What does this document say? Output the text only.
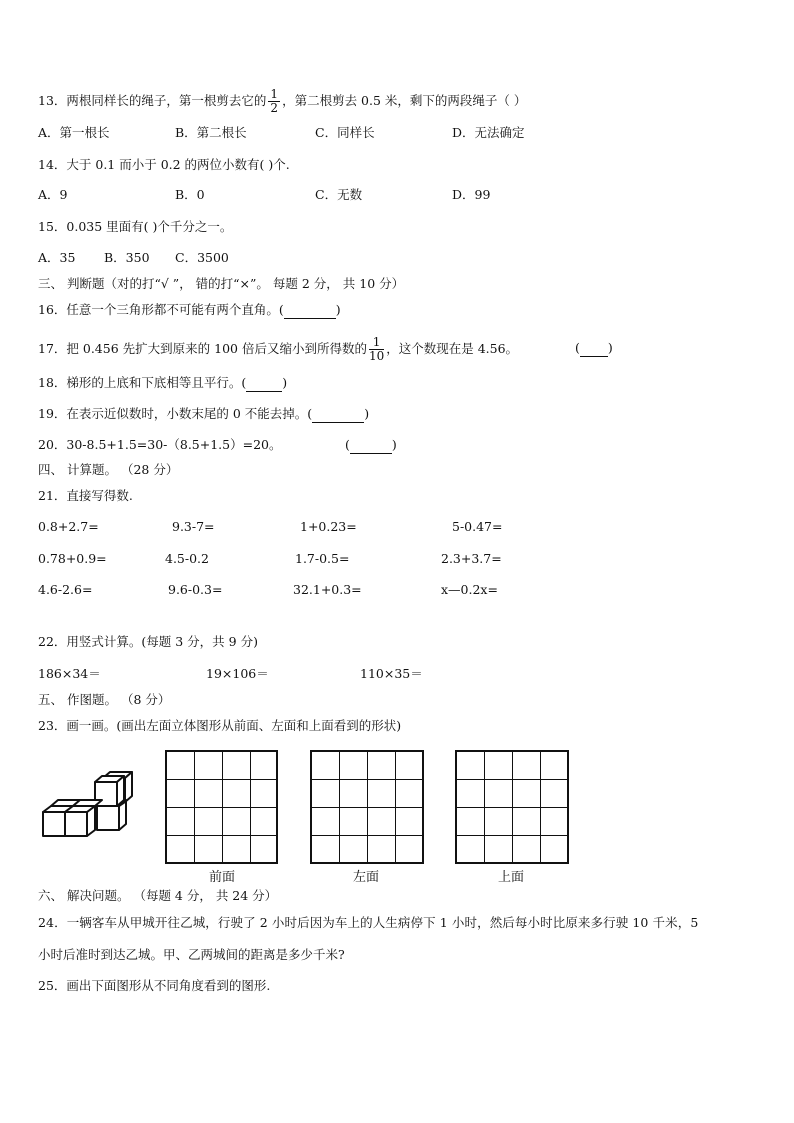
13．两根同样长的绳子，第一根剪去它的 $\frac{1}{2}$ ，第二根剪去 0.5 米，剩下的两段绳子（ ）
A．第一根长	B．第二根长	C．同样长	D．无法确定
14．大于 0.1 而小于 0.2 的两位小数有( )个.
A．9	B．0	C．无数	D．99
15．0.035 里面有( )个千分之一。
A．35 B．350 C．3500
三、 判断题（对的打“√ ”， 错的打“×”。 每题 2 分， 共 10 分）
16．任意一个三角形都不可能有两个直角。(	)
17．把 0.456 先扩大到原来的 100 倍后又缩小到所得数的 $\frac{1}{10}$ ，这个数现在是 4.56。	( )
18．梯形的上底和下底相等且平行。(	)
19．在表示近似数时，小数末尾的 0 不能去掉。(	)
20．30-8.5+1.5=30-（8.5+1.5）=20。	(	)
四、 计算题。 （28 分）
21．直接写得数.
0.8+2.7=	9.3-7=	1+0.23=	5-0.47=
0.78+0.9=	4.5-0.2	1.7-0.5=	2.3+3.7=
4.6-2.6=	9.6-0.3=	32.1+0.3=	x—0.2x=
22．用竖式计算。(每题 3 分，共 9 分)
186×34＝	19×106＝	110×35＝
五、 作图题。 （8 分）
23．画一画。(画出左面立体图形从前面、左面和上面看到的形状)
前面	左面	上面
六、 解决问题。 （每题 4 分， 共 24 分）
24．一辆客车从甲城开往乙城，行驶了 2 小时后因为车上的人生病停下 1 小时，然后每小时比原来多行驶 10 千米，5
小时后准时到达乙城。甲、乙两城间的距离是多少千米?
25．画出下面图形从不同角度看到的图形.
